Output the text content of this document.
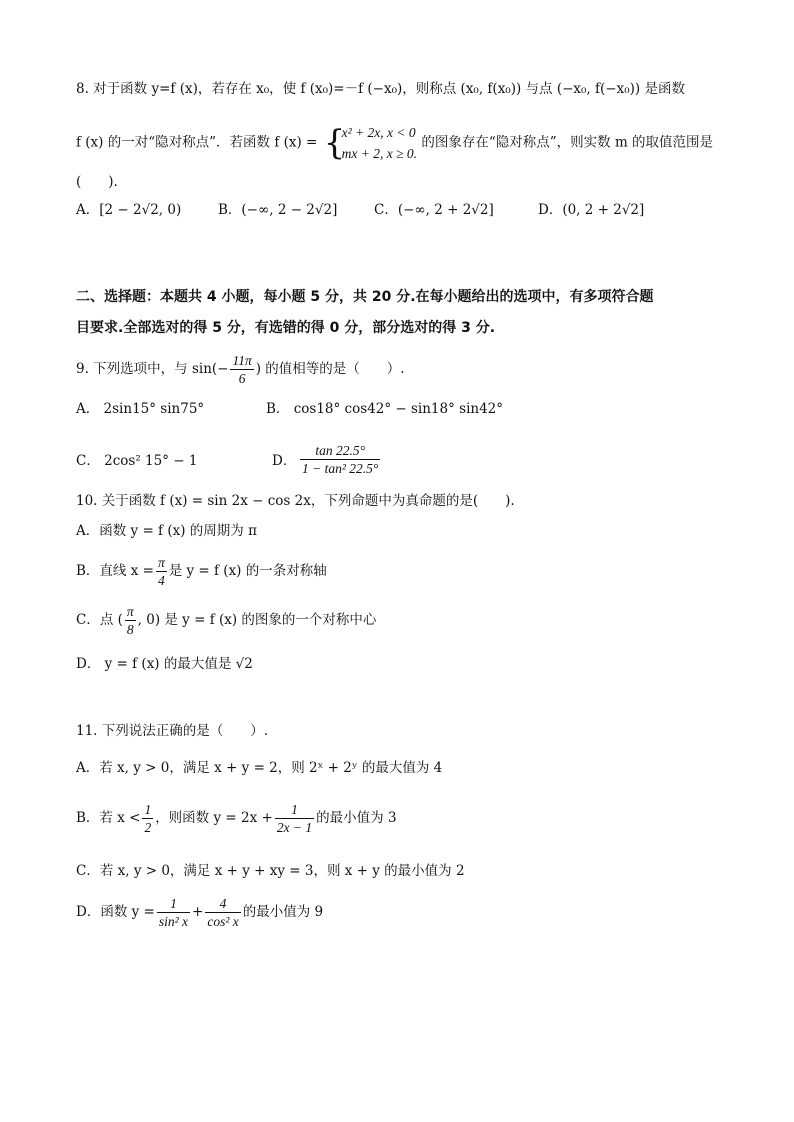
8. 对于函数 y=f (x)，若存在 x₀，使 f (x₀)=－f (−x₀)，则称点 (x₀, f(x₀)) 与点 (−x₀, f(−x₀)) 是函数
f (x) 的一对“隐对称点”．若函数 f (x) =
{ x² + 2x, x < 0
mx + 2, x ≥ 0.
的图象存在“隐对称点”，则实数 m 的取值范围是
(　　).
A．[2 − 2√2, 0)	B．(−∞, 2 − 2√2]	C．(−∞, 2 + 2√2]	D．(0, 2 + 2√2]
二、选择题：本题共 4 小题，每小题 5 分，共 20 分.在每小题给出的选项中，有多项符合题
目要求.全部选对的得 5 分，有选错的得 0 分，部分选对的得 3 分.
9. 下列选项中，与 $\sin(- \frac{11\pi}{6}$ ) 的值相等的是（　　）.
A． 2sin15° sin75°	B． cos18° cos42° − sin18° sin42°
C． 2cos² 15° − 1	D． $\frac{\tan 22.5^\circ}{\text{1 − tan² 22.5°}}$
10. 关于函数 f (x) = sin 2x − cos 2x，下列命题中为真命题的是(　　).
A．函数 y = f (x) 的周期为 π
B．直线 $x = \frac{\pi}{4}$ 是 y = f (x) 的一条对称轴
C．点 ( $\frac{\pi}{8}$ , 0) 是 y = f (x) 的图象的一个对称中心
D． y = f (x) 的最大值是 √2
11. 下列说法正确的是（　　）.
A．若 x, y > 0，满足 x + y = 2，则 2ˣ + 2ʸ 的最大值为 4
B．若 $x < \frac{1}{2}$ ，则函数 $y = 2x + \frac{1}{2x - 1}$ 的最小值为 3
C．若 x, y > 0，满足 x + y + xy = 3，则 x + y 的最小值为 2
D．函数 $y = \frac{1}{\text{sin² x}} + \frac{4}{\text{cos² x}}$ 的最小值为 9
